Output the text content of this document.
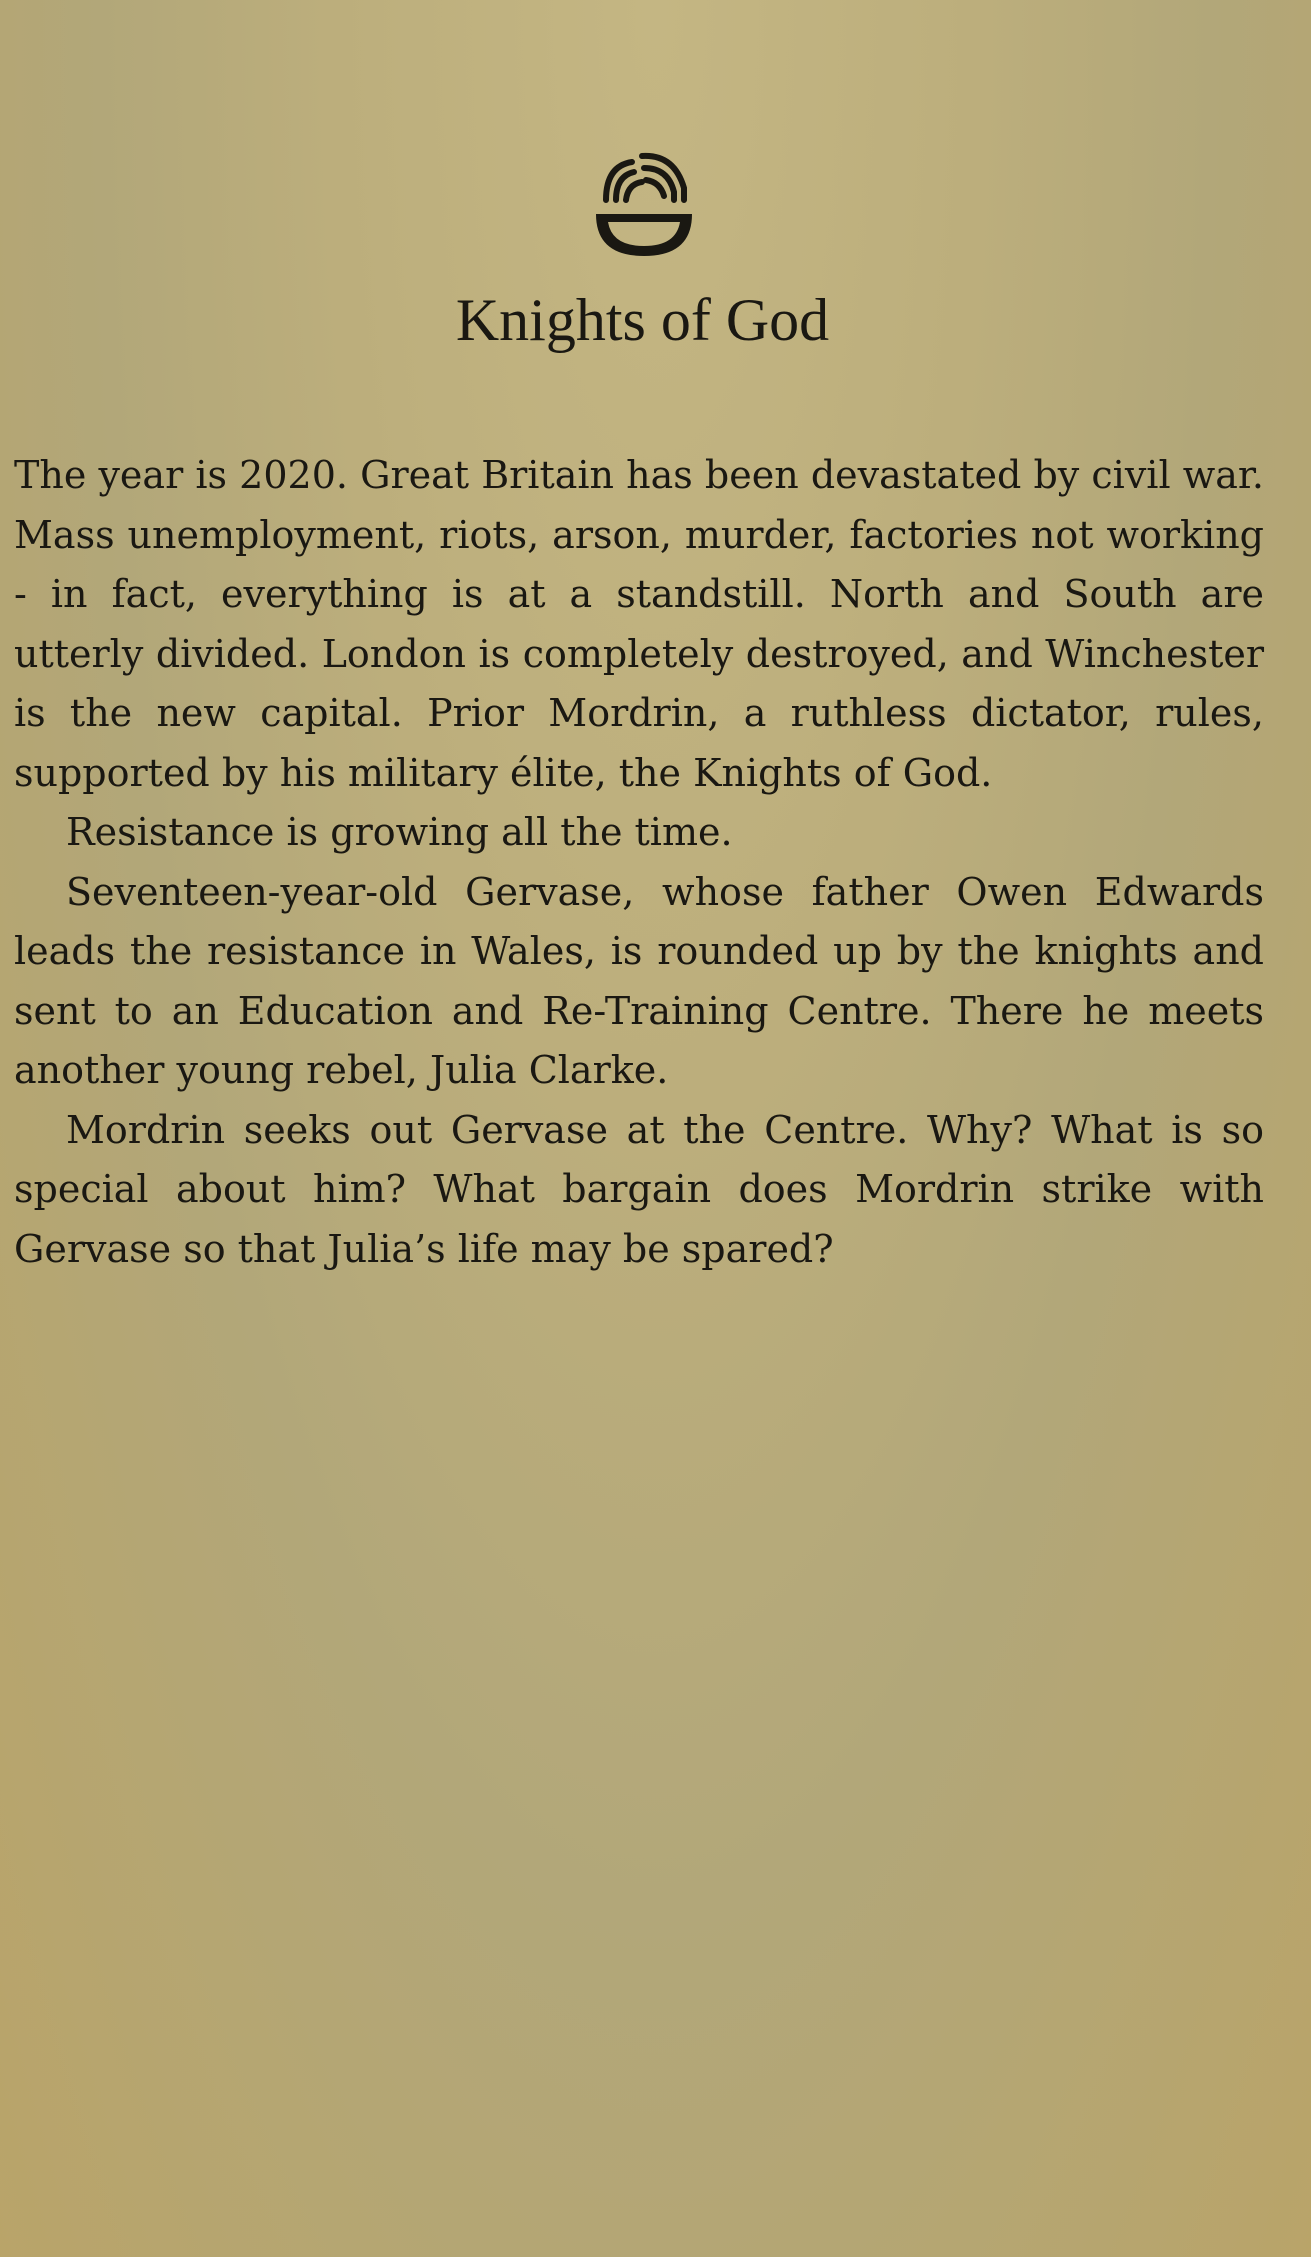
Knights of God

The year is 2020. Great Britain has been devastated by civil war. Mass unemployment, riots, arson, murder, factories not working - in fact, everything is at a standstill. North and South are utterly divided. London is completely destroyed, and Winchester is the new capital. Prior Mordrin, a ruthless dictator, rules, supported by his military élite, the Knights of God.

Resistance is growing all the time.

Seventeen-year-old Gervase, whose father Owen Edwards leads the resistance in Wales, is rounded up by the knights and sent to an Education and Re-Training Centre. There he meets another young rebel, Julia Clarke.

Mordrin seeks out Gervase at the Centre. Why? What is so special about him? What bargain does Mordrin strike with Gervase so that Julia’s life may be spared?
